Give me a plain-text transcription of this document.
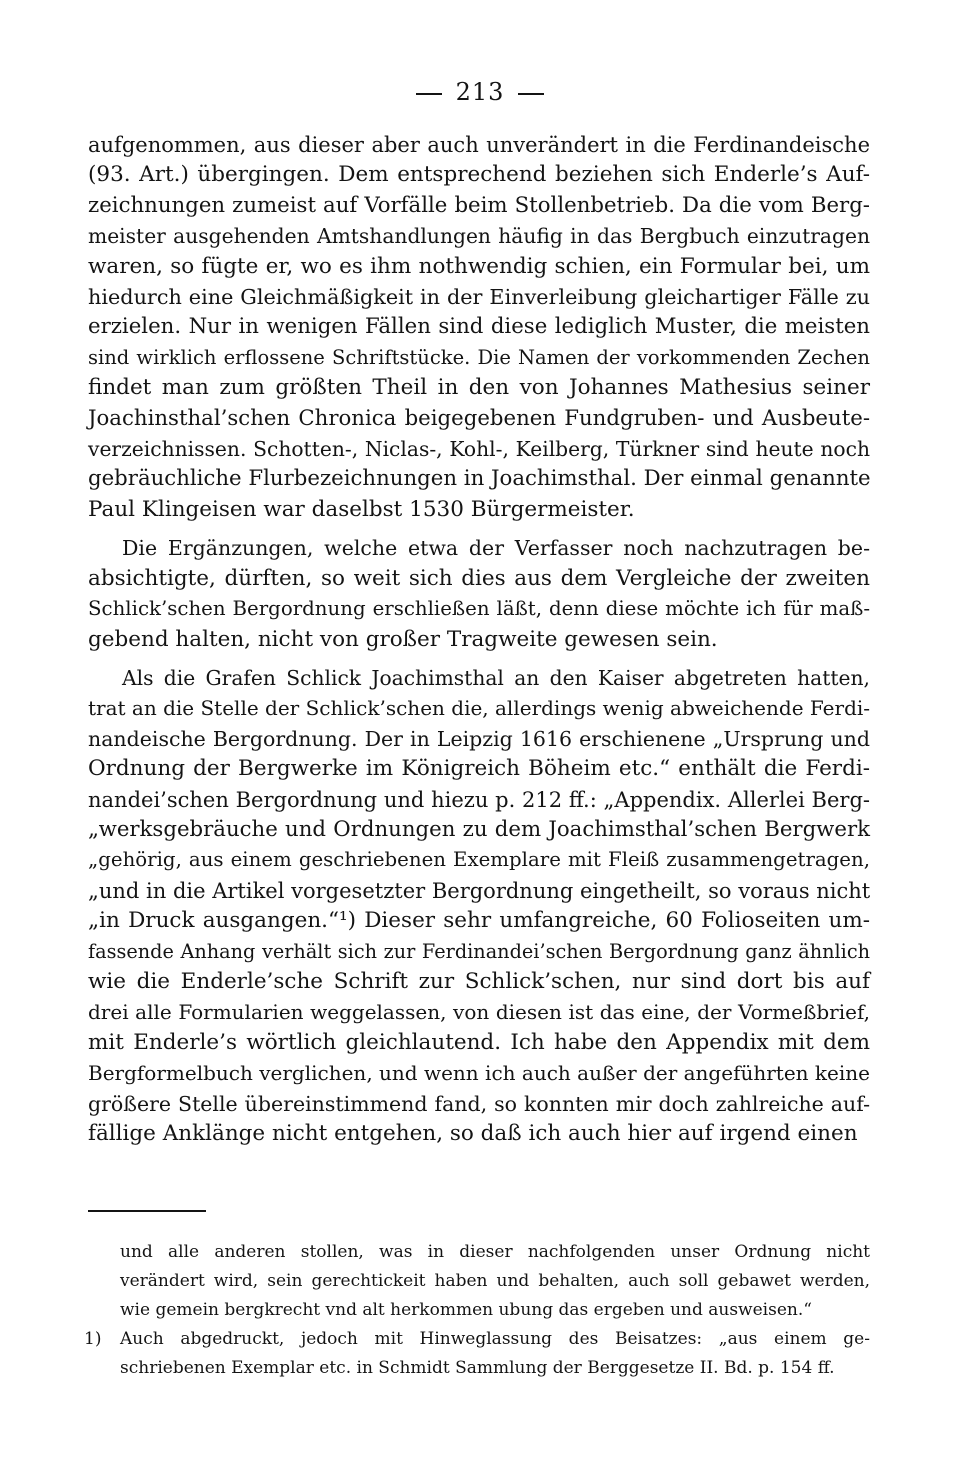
213

aufgenommen, aus dieser aber auch unverändert in die Ferdinandeische
(93. Art.) übergingen. Dem entsprechend beziehen sich Enderle’s Auf-
zeichnungen zumeist auf Vorfälle beim Stollenbetrieb. Da die vom Berg-
meister ausgehenden Amtshandlungen häufig in das Bergbuch einzutragen
waren, so fügte er, wo es ihm nothwendig schien, ein Formular bei, um
hiedurch eine Gleichmäßigkeit in der Einverleibung gleichartiger Fälle zu
erzielen. Nur in wenigen Fällen sind diese lediglich Muster, die meisten
sind wirklich erflossene Schriftstücke. Die Namen der vorkommenden Zechen
findet man zum größten Theil in den von Johannes Mathesius seiner
Joachinsthal’schen Chronica beigegebenen Fundgruben- und Ausbeute-
verzeichnissen. Schotten-, Niclas-, Kohl-, Keilberg, Türkner sind heute noch
gebräuchliche Flurbezeichnungen in Joachimsthal. Der einmal genannte
Paul Klingeisen war daselbst 1530 Bürgermeister.

Die Ergänzungen, welche etwa der Verfasser noch nachzutragen be-
absichtigte, dürften, so weit sich dies aus dem Vergleiche der zweiten
Schlick’schen Bergordnung erschließen läßt, denn diese möchte ich für maß-
gebend halten, nicht von großer Tragweite gewesen sein.

Als die Grafen Schlick Joachimsthal an den Kaiser abgetreten hatten,
trat an die Stelle der Schlick’schen die, allerdings wenig abweichende Ferdi-
nandeische Bergordnung. Der in Leipzig 1616 erschienene „Ursprung und
Ordnung der Bergwerke im Königreich Böheim etc.“ enthält die Ferdi-
nandei’schen Bergordnung und hiezu p. 212 ff.: „Appendix. Allerlei Berg-
„werksgebräuche und Ordnungen zu dem Joachimsthal’schen Bergwerk
„gehörig, aus einem geschriebenen Exemplare mit Fleiß zusammengetragen,
„und in die Artikel vorgesetzter Bergordnung eingetheilt, so voraus nicht
„in Druck ausgangen.“¹) Dieser sehr umfangreiche, 60 Folioseiten um-
fassende Anhang verhält sich zur Ferdinandei’schen Bergordnung ganz ähnlich
wie die Enderle’sche Schrift zur Schlick’schen, nur sind dort bis auf
drei alle Formularien weggelassen, von diesen ist das eine, der Vormeßbrief,
mit Enderle’s wörtlich gleichlautend. Ich habe den Appendix mit dem
Bergformelbuch verglichen, und wenn ich auch außer der angeführten keine
größere Stelle übereinstimmend fand, so konnten mir doch zahlreiche auf-
fällige Anklänge nicht entgehen, so daß ich auch hier auf irgend einen

und alle anderen stollen, was in dieser nachfolgenden unser Ordnung nicht
verändert wird, sein gerechtickeit haben und behalten, auch soll gebawet werden,
wie gemein bergkrecht vnd alt herkommen ubung das ergeben und ausweisen.“
1) Auch abgedruckt, jedoch mit Hinweglassung des Beisatzes: „aus einem ge-
schriebenen Exemplar etc. in Schmidt Sammlung der Berggesetze II. Bd. p. 154 ff.
